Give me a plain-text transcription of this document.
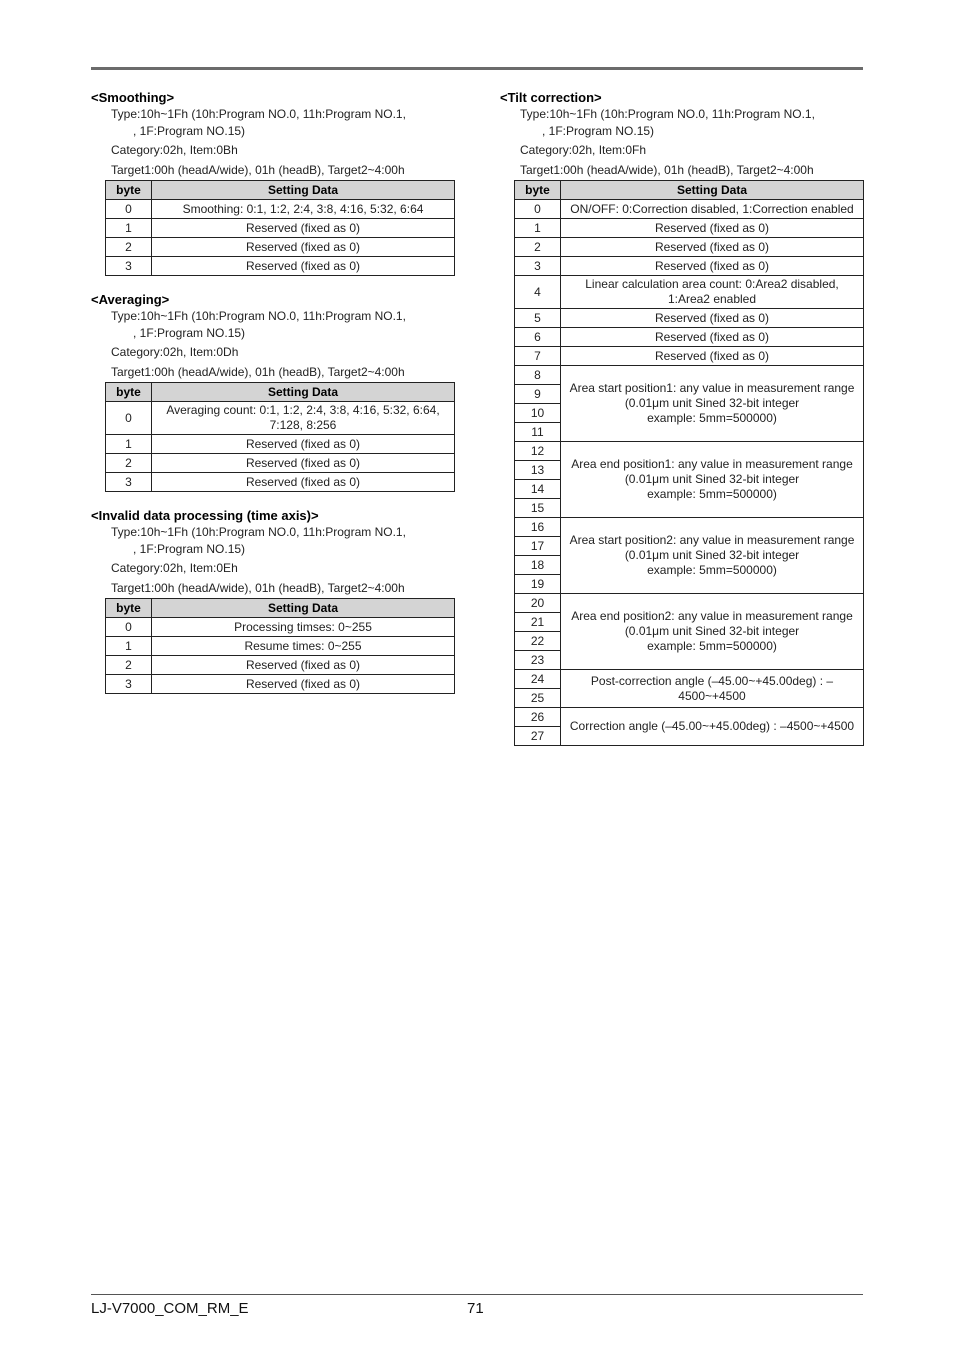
<Smoothing>

Type:10h~1Fh (10h:Program NO.0, 11h:Program NO.1,

, 1F:Program NO.15)

Category:02h, Item:0Bh

Target1:00h (headA/wide), 01h (headB), Target2~4:00h

byte	Setting Data
0	Smoothing: 0:1, 1:2, 2:4, 3:8, 4:16, 5:32, 6:64
1	Reserved (fixed as 0)
2	Reserved (fixed as 0)
3	Reserved (fixed as 0)

<Averaging>

Type:10h~1Fh (10h:Program NO.0, 11h:Program NO.1,

, 1F:Program NO.15)

Category:02h, Item:0Dh

Target1:00h (headA/wide), 01h (headB), Target2~4:00h

byte	Setting Data
0	Averaging count: 0:1, 1:2, 2:4, 3:8, 4:16, 5:32, 6:64, 7:128, 8:256
1	Reserved (fixed as 0)
2	Reserved (fixed as 0)
3	Reserved (fixed as 0)

<Invalid data processing (time axis)>

Type:10h~1Fh (10h:Program NO.0, 11h:Program NO.1,

, 1F:Program NO.15)

Category:02h, Item:0Eh

Target1:00h (headA/wide), 01h (headB), Target2~4:00h

byte	Setting Data
0	Processing timses: 0~255
1	Resume times: 0~255
2	Reserved (fixed as 0)
3	Reserved (fixed as 0)

<Tilt correction>

Type:10h~1Fh (10h:Program NO.0, 11h:Program NO.1,

, 1F:Program NO.15)

Category:02h, Item:0Fh

Target1:00h (headA/wide), 01h (headB), Target2~4:00h

byte	Setting Data
0	ON/OFF: 0:Correction disabled, 1:Correction enabled
1	Reserved (fixed as 0)
2	Reserved (fixed as 0)
3	Reserved (fixed as 0)
4	Linear calculation area count: 0:Area2 disabled, 1:Area2 enabled
5	Reserved (fixed as 0)
6	Reserved (fixed as 0)
7	Reserved (fixed as 0)
8	Area start position1: any value in measurement range
(0.01μm unit Sined 32-bit integer
example: 5mm=500000)

9	
10	
11	
12	Area end position1: any value in measurement range
(0.01μm unit Sined 32-bit integer
example: 5mm=500000)

13	
14	
15	
16	Area start position2: any value in measurement range
(0.01μm unit Sined 32-bit integer
example: 5mm=500000)

17	
18	
19	
20	Area end position2: any value in measurement range
(0.01μm unit Sined 32-bit integer
example: 5mm=500000)

21	
22	
23	
24	Post-correction angle (–45.00~+45.00deg) : –4500~+4500
25	
26	Correction angle (–45.00~+45.00deg) : –4500~+4500
27	
LJ-V7000_COM_RM_E	71
